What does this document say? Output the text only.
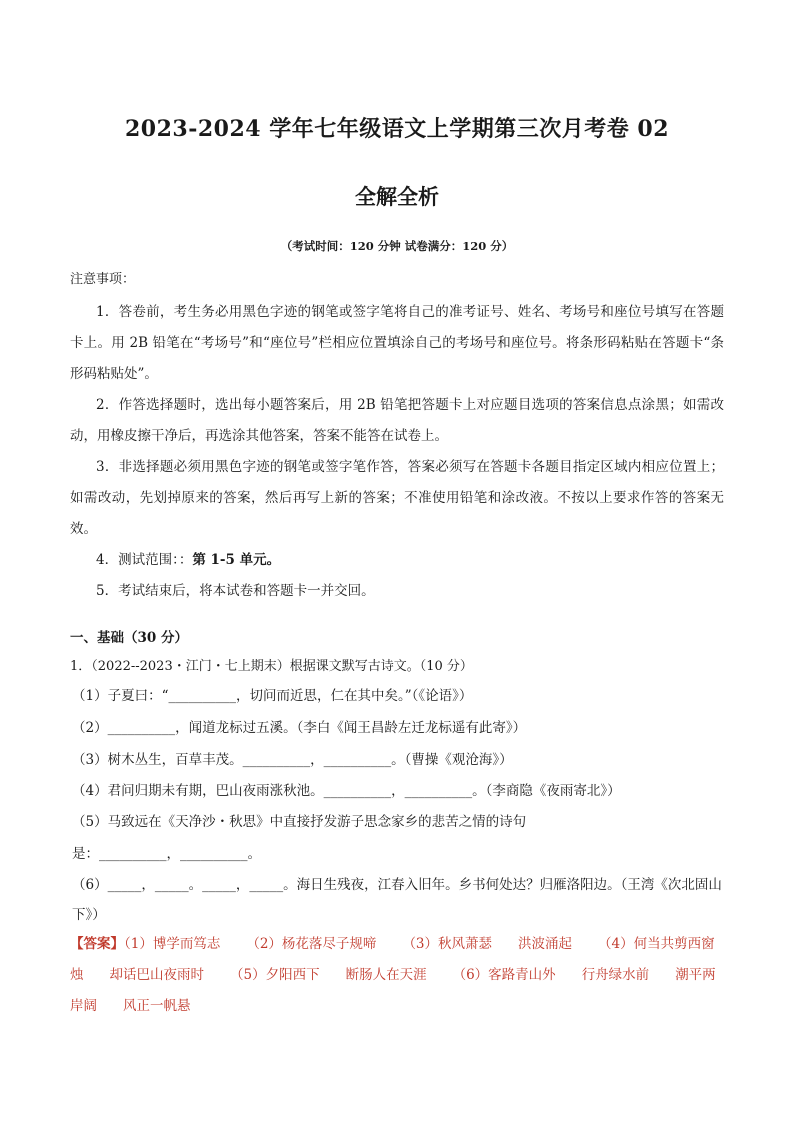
2023-2024 学年七年级语文上学期第三次月考卷 02
全解全析
（考试时间：120 分钟 试卷满分：120 分）
注意事项：
1．答卷前，考生务必用黑色字迹的钢笔或签字笔将自己的准考证号、姓名、考场号和座位号填写在答题卡上。用 2B 铅笔在“考场号”和“座位号”栏相应位置填涂自己的考场号和座位号。将条形码粘贴在答题卡“条形码粘贴处”。
2．作答选择题时，选出每小题答案后，用 2B 铅笔把答题卡上对应题目选项的答案信息点涂黑；如需改动，用橡皮擦干净后，再选涂其他答案，答案不能答在试卷上。
3．非选择题必须用黑色字迹的钢笔或签字笔作答，答案必须写在答题卡各题目指定区域内相应位置上；如需改动，先划掉原来的答案，然后再写上新的答案；不准使用铅笔和涂改液。不按以上要求作答的答案无效。
4．测试范围：：第 1-5 单元。
5．考试结束后，将本试卷和答题卡一并交回。
一、基础（30 分）
1．（2022--2023・江门・七上期末）根据课文默写古诗文。（10 分）
（1）子夏曰：“__________，切问而近思，仁在其中矣。”（《论语》）
（2）__________，闻道龙标过五溪。（李白《闻王昌龄左迁龙标遥有此寄》）
（3）树木丛生，百草丰茂。__________，__________。（曹操《观沧海》）
（4）君问归期未有期，巴山夜雨涨秋池。__________，__________。（李商隐《夜雨寄北》）
（5）马致远在《天净沙・秋思》中直接抒发游子思念家乡的悲苦之情的诗句
是：__________，__________。
（6）_____，_____。_____，_____。海日生残夜，江春入旧年。乡书何处达？归雁洛阳边。（王湾《次北固山
下》）
【答案】（1）博学而笃志 （2）杨花落尽子规啼 （3）秋风萧瑟 洪波涌起 （4）何当共剪西窗烛 却话巴山夜雨时 （5）夕阳西下 断肠人在天涯 （6）客路青山外 行舟绿水前 潮平两岸阔 风正一帆悬
